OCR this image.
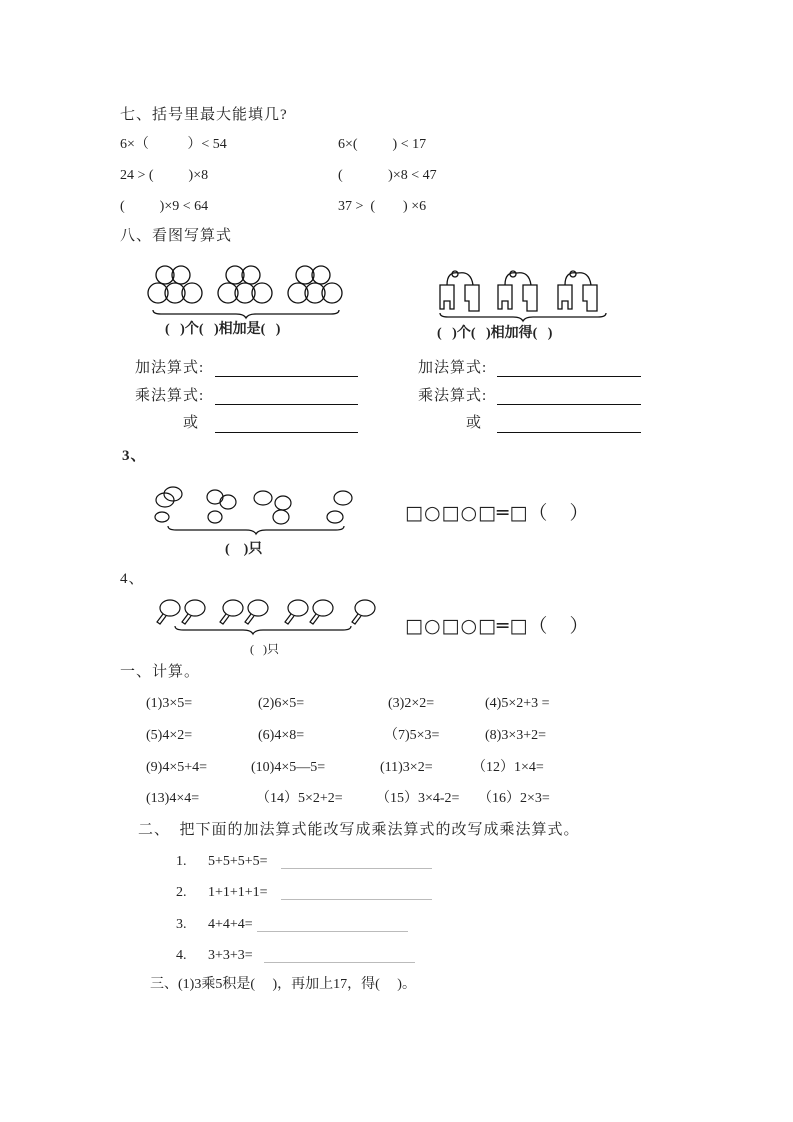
七、括号里最大能填几?
6×（           ）< 54	6×(          ) < 17
24 > (          )×8	(             )×8 < 47
(          )×9 < 64	37 >  (        ) ×6
八、看图写算式
(   )个(   )相加是(   )	(   )个(   )相加得(   )
加法算式:
乘法算式:
或
加法算式:
乘法算式:
或
3、
(    )只
□○□○□═□（   ）
4、
(   )只
□○□○□═□（   ）
一、计算。
(1)3×5=	(2)6×5=	(3)2×2=	(4)5×2+3 =
(5)4×2=	(6)4×8=	（7)5×3=	(8)3×3+2=
(9)4×5+4=	(10)4×5—5=	(11)3×2=	（12）1×4=
(13)4×4=	（14）5×2+2= （15）3×4-2= （16）2×3=
二、  把下面的加法算式能改写成乘法算式的改写成乘法算式。
1. 5+5+5+5=
2. 1+1+1+1=
3. 4+4+4=
4. 3+3+3=
三、(1)3乘5积是(     )，再加上17，得(     )。
